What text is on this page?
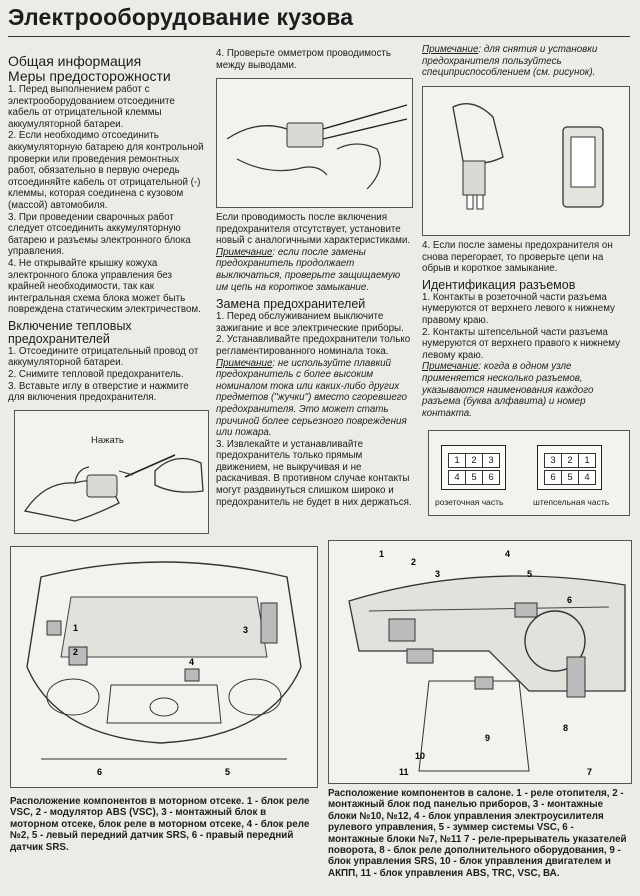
Электрооборудование кузова
Общая информация
Меры предосторожности

1. Перед выполнением работ с электрооборудованием отсоедините кабель от отрицательной клеммы аккумуляторной батареи.

2. Если необходимо отсоединить аккумуляторную батарею для контрольной проверки или проведения ремонтных работ, обязательно в первую очередь отсоединяйте кабель от отрицательной (-) клеммы, которая соединена с кузовом (массой) автомобиля.

3. При проведении сварочных работ следует отсоединить аккумуляторную батарею и разъемы электронного блока управления.

4. Не открывайте крышку кожуха электронного блока управления без крайней необходимости, так как интегральная схема блока может быть повреждена статическим электричеством.

Включение тепловых предохранителей

1. Отсоедините отрицательный провод от аккумуляторной батареи.

2. Снимите тепловой предохранитель.

3. Вставьте иглу в отверстие и нажмите для включения предохранителя.

Нажать

4. Проверьте омметром проводимость между выводами.

Если проводимость после включения предохранителя отсутствует, установите новый с аналогичными характеристиками.

Примечание: если после замены предохранитель продолжает выключаться, проверьте защищаемую им цепь на короткое замыкание.

Замена предохранителей

1. Перед обслуживанием выключите зажигание и все электрические приборы.

2. Устанавливайте предохранители только регламентированного номинала тока.

Примечание: не используйте плавкий предохранитель с более высоким номиналом тока или каких-либо других предметов ("жучки") вместо сгоревшего предохранителя. Это может стать причиной более серьезного повреждения или пожара.

3. Извлекайте и устанавливайте предохранитель только прямым движением, не выкручивая и не раскачивая. В противном случае контакты могут раздвинуться слишком широко и предохранитель не будет в них держаться.

Примечание: для снятия и установки предохранителя пользуйтесь специприспособлением (см. рисунок).

4. Если после замены предохранителя он снова перегорает, то проверьте цепи на обрыв и короткое замыкание.

Идентификация разъемов

1. Контакты в розеточной части разъема нумеруются от верхнего левого к нижнему правому краю.

2. Контакты штепсельной части разъема нумеруются от верхнего правого к нижнему левому краю.

Примечание: когда в одном узле применяется несколько разъемов, указываются наименования каждого разъема (буква алфавита) и номер контакта.

1 2 3
4 5 6
3 2 1
6 5 4
розеточная часть	штепсельная часть
1
2
3
4
5
6
1
2
3
4
5
6
7
8
9
10
11

Расположение компонентов в моторном отсеке. 1 - блок реле VSC, 2 - модулятор ABS (VSC), 3 - монтажный блок в моторном отсеке, блок реле в моторном отсеке, 4 - блок реле №2, 5 - левый передний датчик SRS, 6 - правый передний датчик SRS.

Расположение компонентов в салоне. 1 - реле отопителя, 2 - монтажный блок под панелью приборов, 3 - монтажные блоки №10, №12, 4 - блок управления электроусилителя рулевого управления, 5 - зуммер системы VSC, 6 - монтажные блоки №7, №11 7 - реле-прерыватель указателей поворота, 8 - блок реле дополнительного оборудования, 9 - блок управления SRS, 10 - блок управления двигателем и АКПП, 11 - блок управления ABS, TRC, VSC, ВА.
